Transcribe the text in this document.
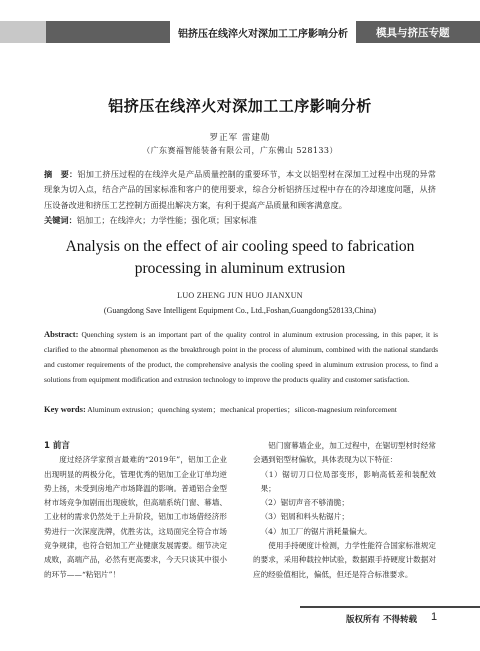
铝挤压在线淬火对深加工工序影响分析	模具与挤压专题
铝挤压在线淬火对深加工工序影响分析
罗正军 雷建勋
（广东赛福智能装备有限公司，广东佛山 528133）
摘　要：铝加工挤压过程的在线淬火是产品质量控制的重要环节，本文以铝型材在深加工过程中出现的异常现象为切入点，结合产品的国家标准和客户的使用要求，综合分析铝挤压过程中存在的冷却速度问题，从挤压设备改进和挤压工艺控制方面提出解决方案，有利于提高产品质量和顾客满意度。
关键词：铝加工；在线淬火；力学性能；强化项；国家标准
Analysis on the effect of air cooling speed to fabrication processing in aluminum extrusion
LUO ZHENG JUN HUO JIANXUN
(Guangdong Save Intelligent Equipment Co., Ltd.,Foshan,Guangdong528133,China)
Abstract: Quenching system is an important part of the quality control in aluminum extrusion processing, in this paper, it is clarified to the abnormal phenomenon as the breakthrough point in the process of aluminum, combined with the national standards and customer requirements of the product, the comprehensive analysis the cooling speed in aluminum extrusion process, to find a solutions from equipment modification and extrusion technology to improve the products quality and customer satisfaction.
Key words: Aluminum extrusion；quenching system；mechanical properties；silicon-magnesium reinforcement
1 前言

度过经济学家预言最难的“2019年”，铝加工企业出现明显的两极分化，管理优秀的铝加工企业订单均逆势上扬，未受到房地产市场降温的影响。普通铝合金型材市场竞争加剧而出现疲软，但高端系统门窗、幕墙、工业材的需求仍然处于上升阶段，铝加工市场借经济形势进行一次深度洗牌，优胜劣汰，这局面完全符合市场竞争规律，也符合铝加工产业健康发展需要。细节决定成败，高端产品，必然有更高要求，今天只谈其中很小的环节——“粘铝片”！

铝门窗幕墙企业，加工过程中，在锯切型材时经常会遇到铝型材偏软，具体表现为以下特征：

（1）锯切刀口位局部变形，影响高低差和装配效果；

（2）锯切声音不够清脆；

（3）铝屑和料头粘锯片；

（4）加工厂的锯片消耗量偏大。

使用手持硬度计检测，力学性能符合国家标准规定的要求，采用种载拉伸试验，数据跟手持硬度计数据对应的经验值相比，偏低，但还是符合标准要求。

版权所有 不得转载 1
